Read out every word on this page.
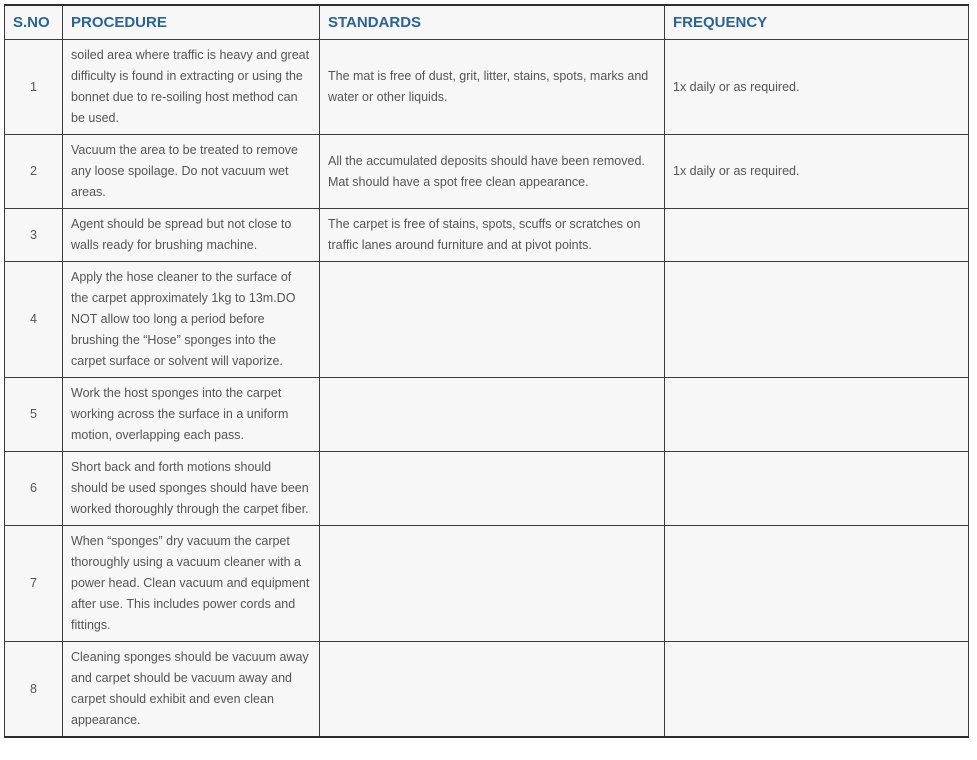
S.NO	PROCEDURE	STANDARDS	FREQUENCY
1	soiled area where traffic is heavy and great difficulty is found in extracting or using the bonnet due to re-soiling host method can be used.	The mat is free of dust, grit, litter, stains, spots, marks and water or other liquids.	1x daily or as required.
2	Vacuum the area to be treated to remove any loose spoilage. Do not vacuum wet areas.	All the accumulated deposits should have been removed. Mat should have a spot free clean appearance.	1x daily or as required.
3	Agent should be spread but not close to walls ready for brushing machine.	The carpet is free of stains, spots, scuffs or scratches on traffic lanes around furniture and at pivot points.	
4	Apply the hose cleaner to the surface of the carpet approximately 1kg to 13m.DO NOT allow too long a period before brushing the “Hose” sponges into the carpet surface or solvent will vaporize.		
5	Work the host sponges into the carpet working across the surface in a uniform motion, overlapping each pass.		
6	Short back and forth motions should should be used sponges should have been worked thoroughly through the carpet fiber.		
7	When “sponges” dry vacuum the carpet thoroughly using a vacuum cleaner with a power head. Clean vacuum and equipment after use. This includes power cords and fittings.		
8	Cleaning sponges should be vacuum away and carpet should be vacuum away and carpet should exhibit and even clean appearance.		
